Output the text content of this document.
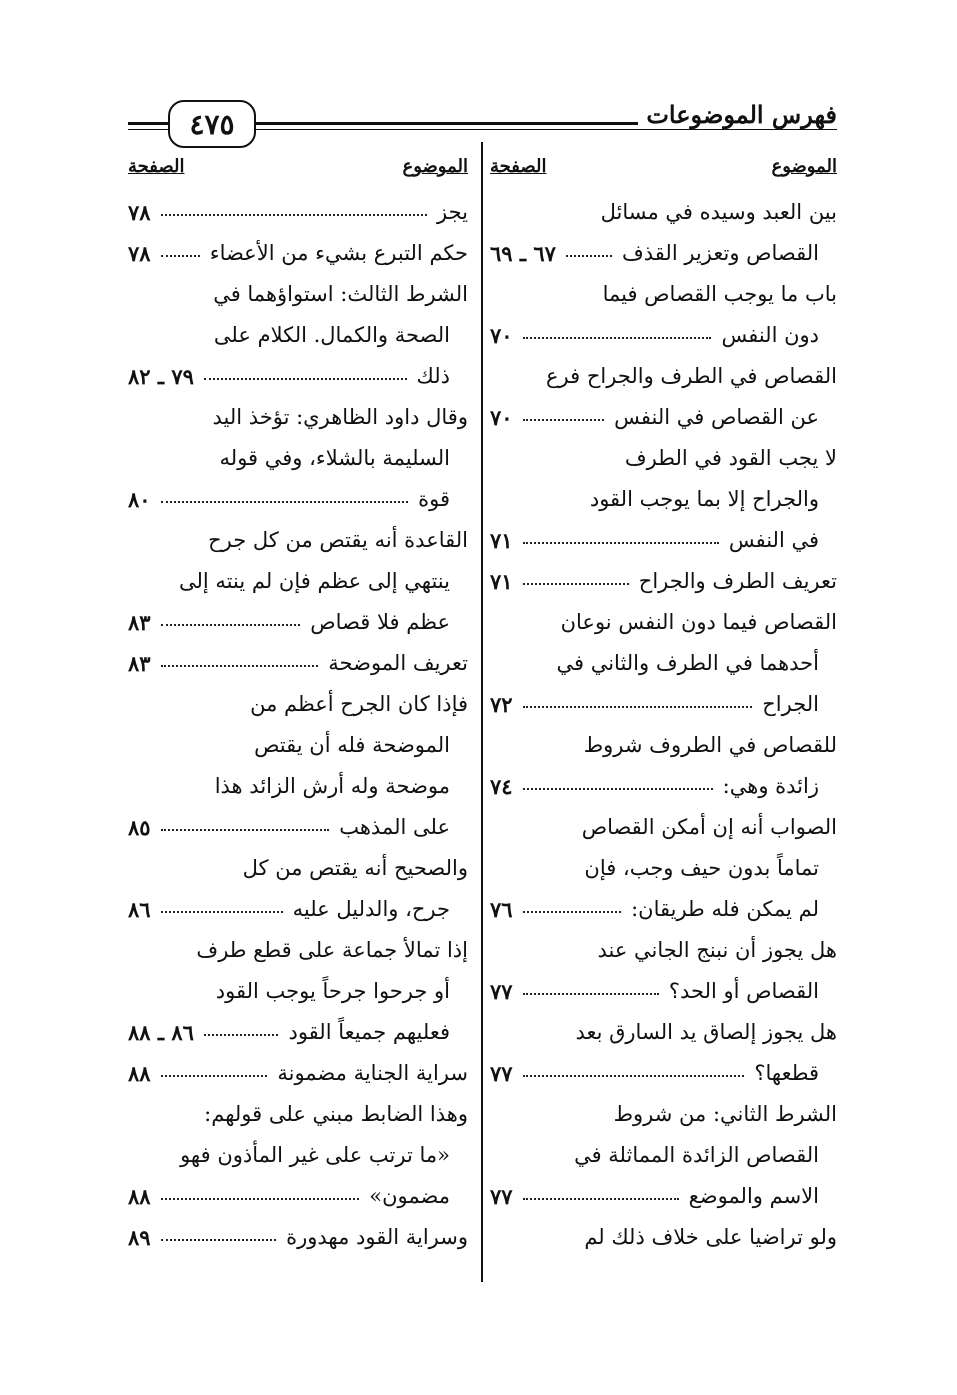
٤٧٥	فهرس الموضوعات
الموضوع
الصفحة
بين العبد وسيده في مسائل
القصاص وتعزير القذف
٦٧ ـ ٦٩
باب ما يوجب القصاص فيما
دون النفس
٧٠
القصاص في الطرف والجراح فرع
عن القصاص في النفس
٧٠
لا يجب القود في الطرف
والجراح إلا بما يوجب القود
في النفس
٧١
تعريف الطرف والجراح
٧١
القصاص فيما دون النفس نوعان
أحدهما في الطرف والثاني في
الجراح
٧٢
للقصاص في الطروف شروط
زائدة وهي:
٧٤
الصواب أنه إن أمكن القصاص
تماماً بدون حيف وجب، فإن
لم يمكن فله طريقان:
٧٦
هل يجوز أن نبنج الجاني عند
القصاص أو الحد؟
٧٧
هل يجوز إلصاق يد السارق بعد
قطعها؟
٧٧
الشرط الثاني: من شروط
القصاص الزائدة المماثلة في
الاسم والموضع
٧٧
ولو تراضيا على خلاف ذلك لم
الموضوع
الصفحة
يجز
٧٨
حكم التبرع بشيء من الأعضاء
٧٨
الشرط الثالث: استواؤهما في
الصحة والكمال. الكلام على
ذلك
٧٩ ـ ٨٢
وقال داود الظاهري: تؤخذ اليد
السليمة بالشلاء، وفي قوله
قوة
٨٠
القاعدة أنه يقتص من كل جرح
ينتهي إلى عظم فإن لم ينته إلى
عظم فلا قصاص
٨٣
تعريف الموضحة
٨٣
فإذا كان الجرح أعظم من
الموضحة فله أن يقتص
موضحة وله أرش الزائد هذا
على المذهب
٨٥
والصحيح أنه يقتص من كل
جرح، والدليل عليه
٨٦
إذا تمالأ جماعة على قطع طرف
أو جرحوا جرحاً يوجب القود
فعليهم جميعاً القود
٨٦ ـ ٨٨
سراية الجناية مضمونة
٨٨
وهذا الضابط مبني على قولهم:
«ما ترتب على غير المأذون فهو
مضمون»
٨٨
وسراية القود مهدورة
٨٩
